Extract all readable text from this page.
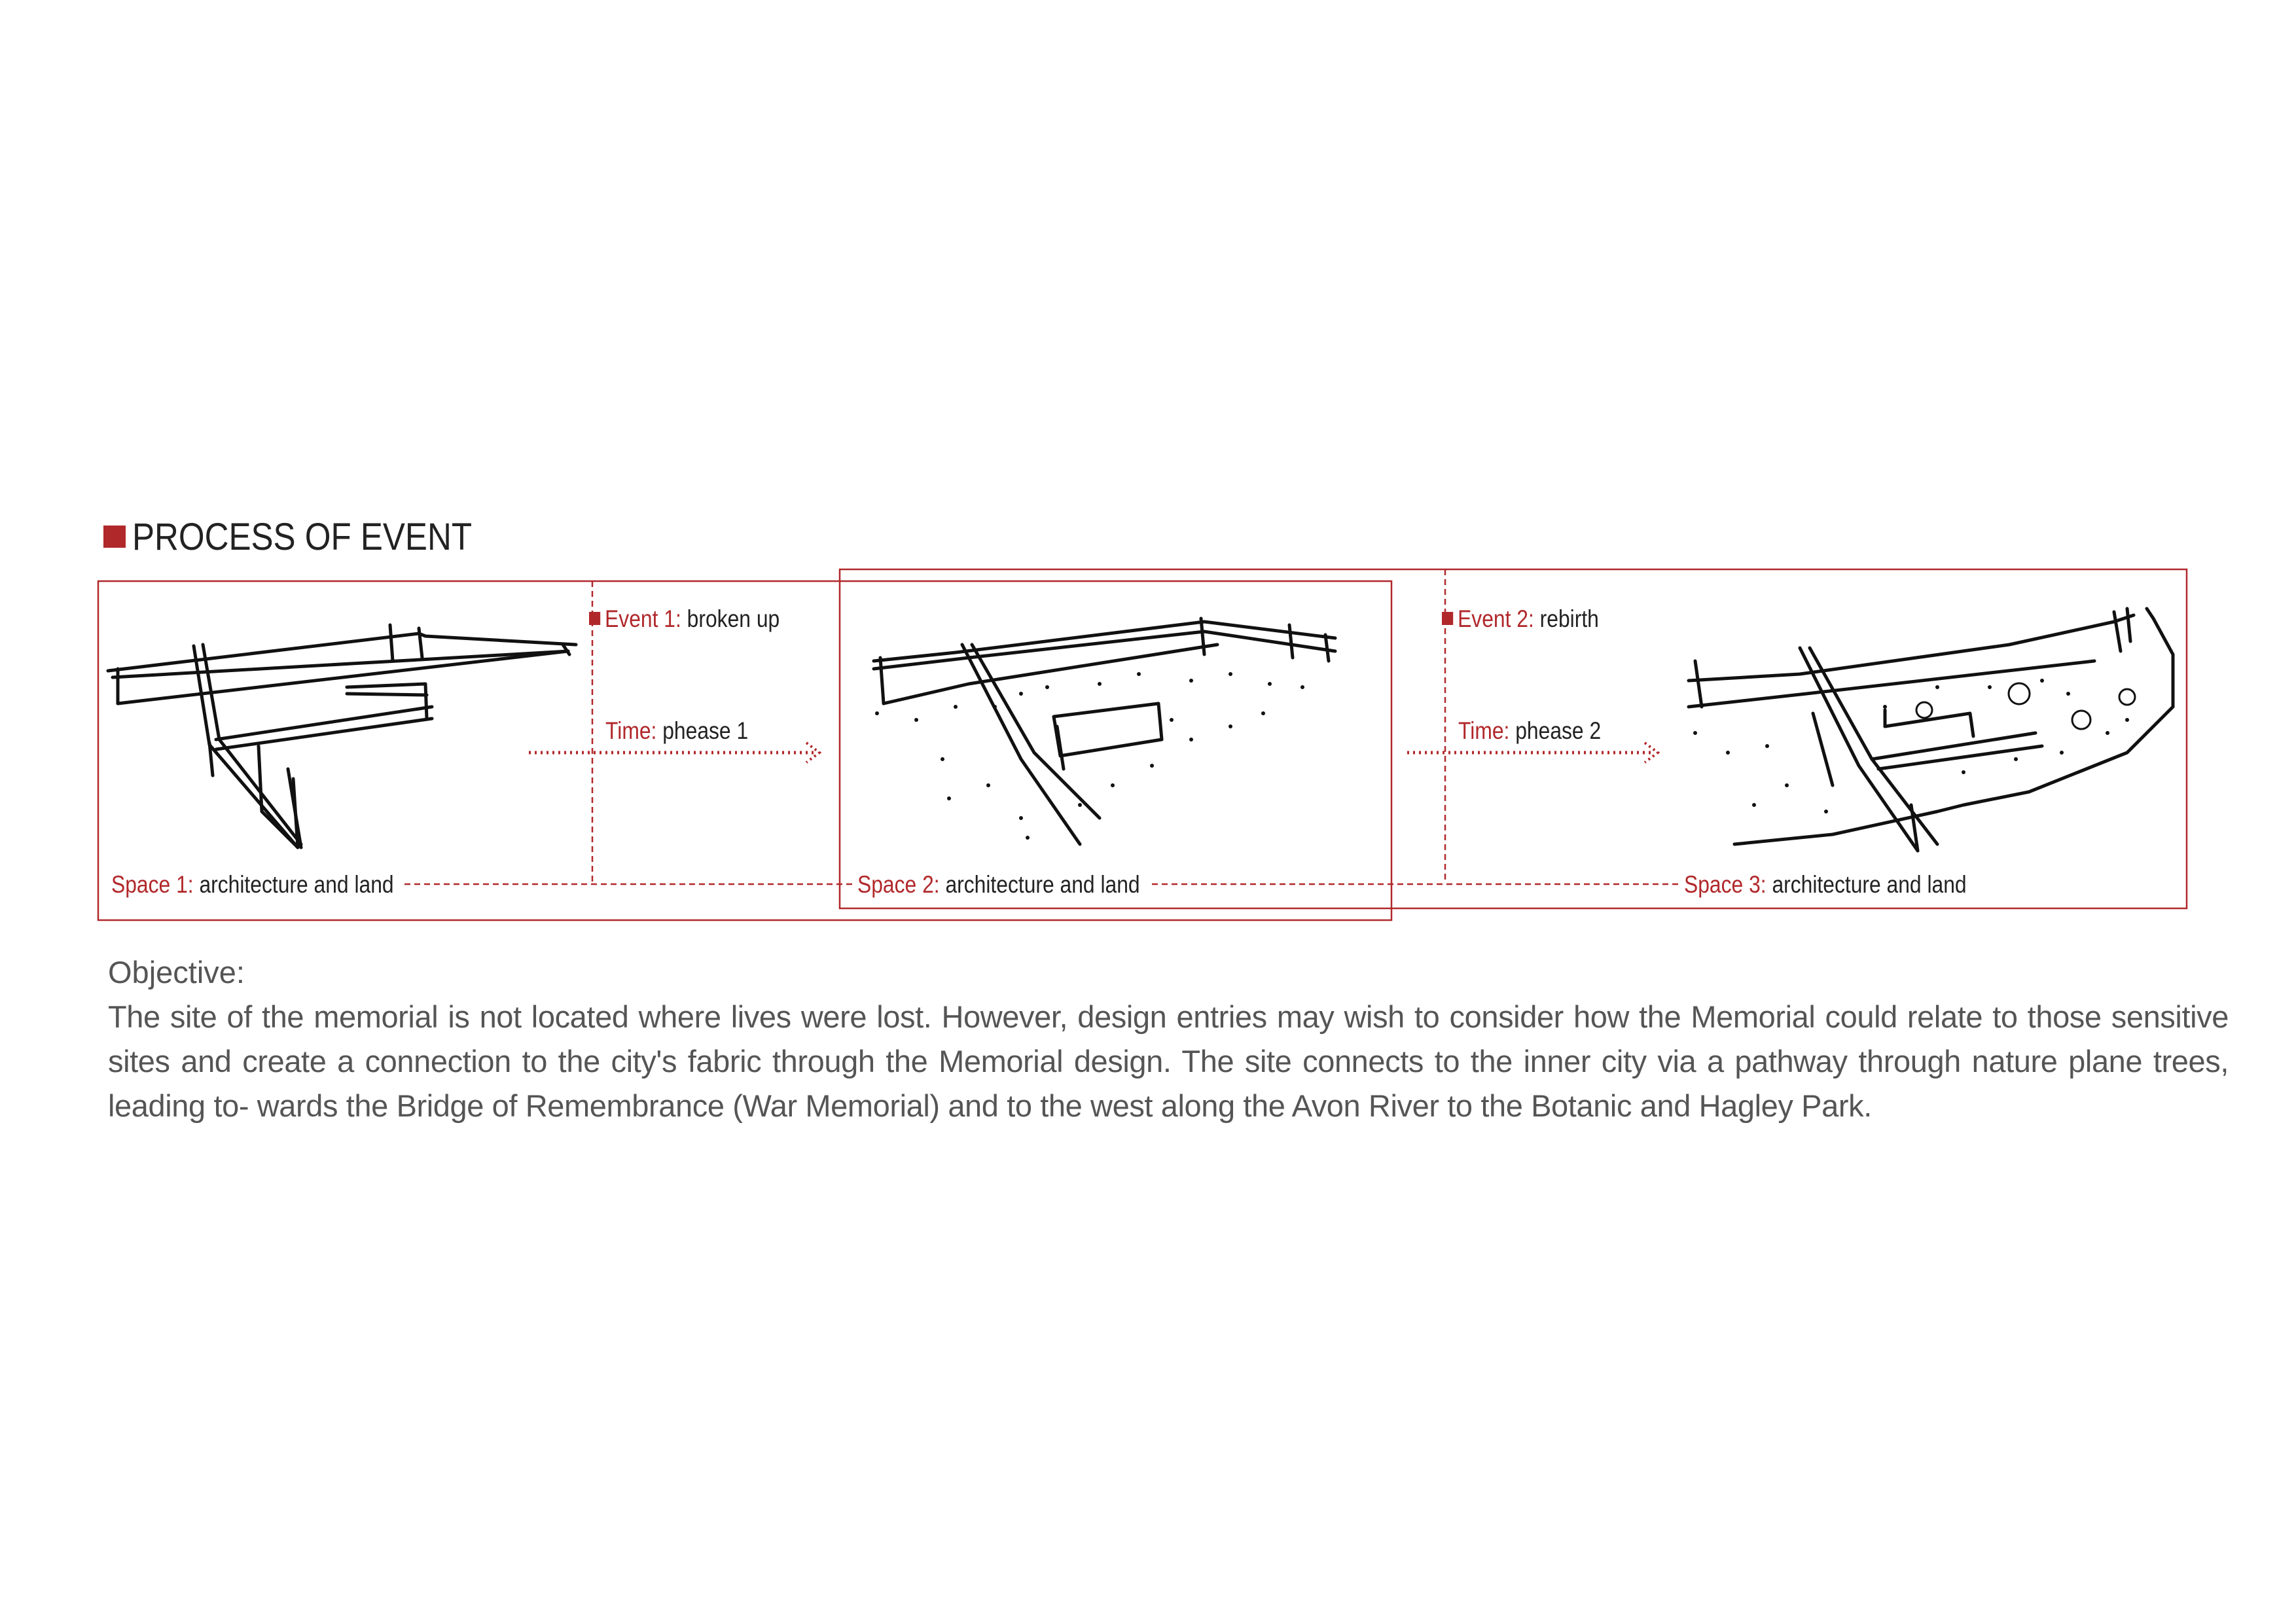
PROCESS OF EVENT
Event 1: broken up	Event 2: rebirth
Time: phease 1	Time: phease 2
Space 1: architecture and land	Space 2: architecture and land	Space 3: architecture and land
Objective:
The site of the memorial is not located where lives were lost. However, design entries may wish to consider how the Memorial could relate to those sensitive sites and create a connection to the city's fabric through the Memorial design. The site connects to the inner city via a pathway through nature plane trees, leading to- wards the Bridge of Remembrance (War Memorial) and to the west along the Avon River to the Botanic and Hagley Park.
